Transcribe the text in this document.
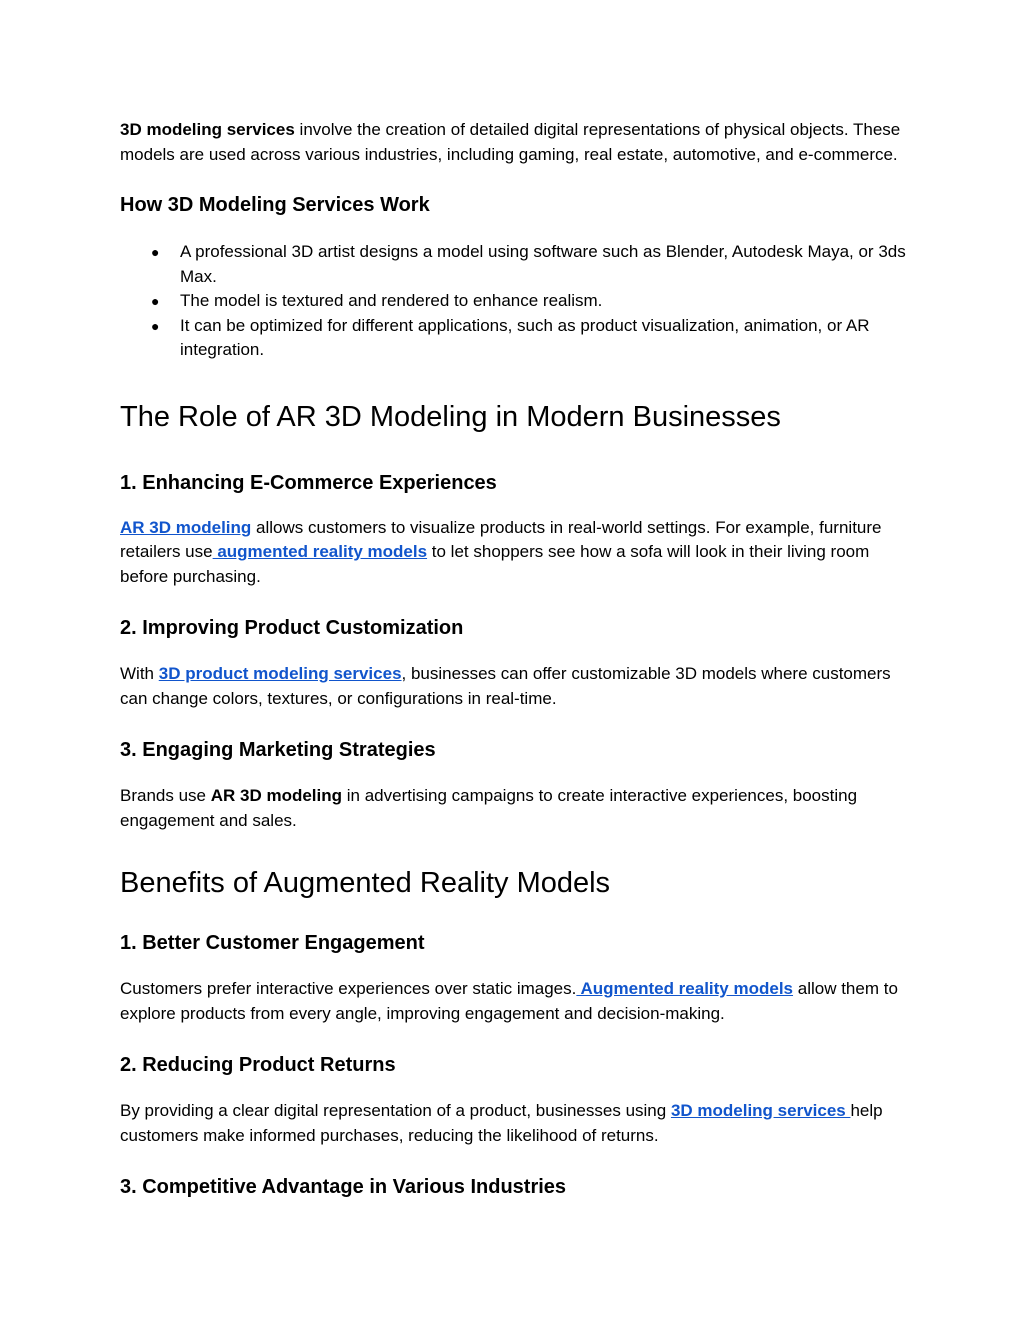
3D modeling services involve the creation of detailed digital representations of physical objects. These models are used across various industries, including gaming, real estate, automotive, and e-commerce.

How 3D Modeling Services Work
● A professional 3D artist designs a model using software such as Blender, Autodesk Maya, or 3ds Max.
● The model is textured and rendered to enhance realism.
● It can be optimized for different applications, such as product visualization, animation, or AR integration.
The Role of AR 3D Modeling in Modern Businesses
1. Enhancing E-Commerce Experiences

AR 3D modeling allows customers to visualize products in real-world settings. For example, furniture retailers use augmented reality models to let shoppers see how a sofa will look in their living room before purchasing.

2. Improving Product Customization

With 3D product modeling services, businesses can offer customizable 3D models where customers can change colors, textures, or configurations in real-time.

3. Engaging Marketing Strategies

Brands use AR 3D modeling in advertising campaigns to create interactive experiences, boosting engagement and sales.

Benefits of Augmented Reality Models
1. Better Customer Engagement

Customers prefer interactive experiences over static images. Augmented reality models allow them to explore products from every angle, improving engagement and decision-making.

2. Reducing Product Returns

By providing a clear digital representation of a product, businesses using 3D modeling services help customers make informed purchases, reducing the likelihood of returns.

3. Competitive Advantage in Various Industries
